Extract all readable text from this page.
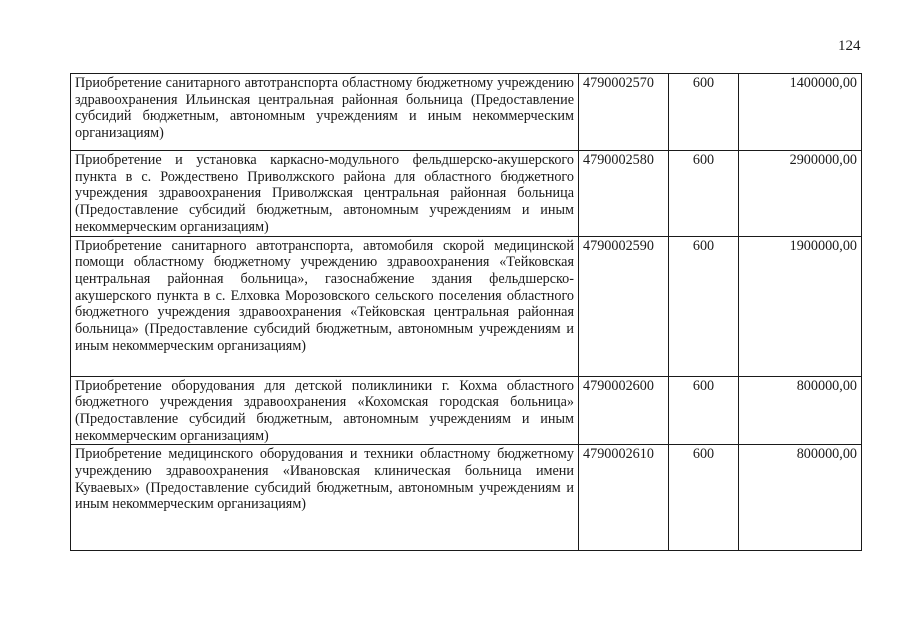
124
Приобретение санитарного автотранспорта областному бюджетному учреждению здравоохранения Ильинская центральная районная больница (Предоставление субсидий бюджетным, автономным учреждениям и иным некоммерческим организациям)	4790002570	600	1400000,00
Приобретение и установка каркасно-модульного фельдшерско-акушерского пункта в с. Рождествено Приволжского района для областного бюджетного учреждения здравоохранения Приволжская центральная районная больница (Предоставление субсидий бюджетным, автономным учреждениям и иным некоммерческим организациям)	4790002580	600	2900000,00
Приобретение санитарного автотранспорта, автомобиля скорой медицинской помощи областному бюджетному учреждению здравоохранения «Тейковская центральная районная больница», газоснабжение здания фельдшерско-акушерского пункта в с. Елховка Морозовского сельского поселения областного бюджетного учреждения здравоохранения «Тейковская центральная районная больница» (Предоставление субсидий бюджетным, автономным учреждениям и иным некоммерческим организациям)	4790002590	600	1900000,00
Приобретение оборудования для детской поликлиники г. Кохма областного бюджетного учреждения здравоохранения «Кохомская городская больница» (Предоставление субсидий бюджетным, автономным учреждениям и иным некоммерческим организациям)	4790002600	600	800000,00
Приобретение медицинского оборудования и техники областному бюджетному учреждению здравоохранения «Ивановская клиническая больница имени Куваевых» (Предоставление субсидий бюджетным, автономным учреждениям и иным некоммерческим организациям)	4790002610	600	800000,00
